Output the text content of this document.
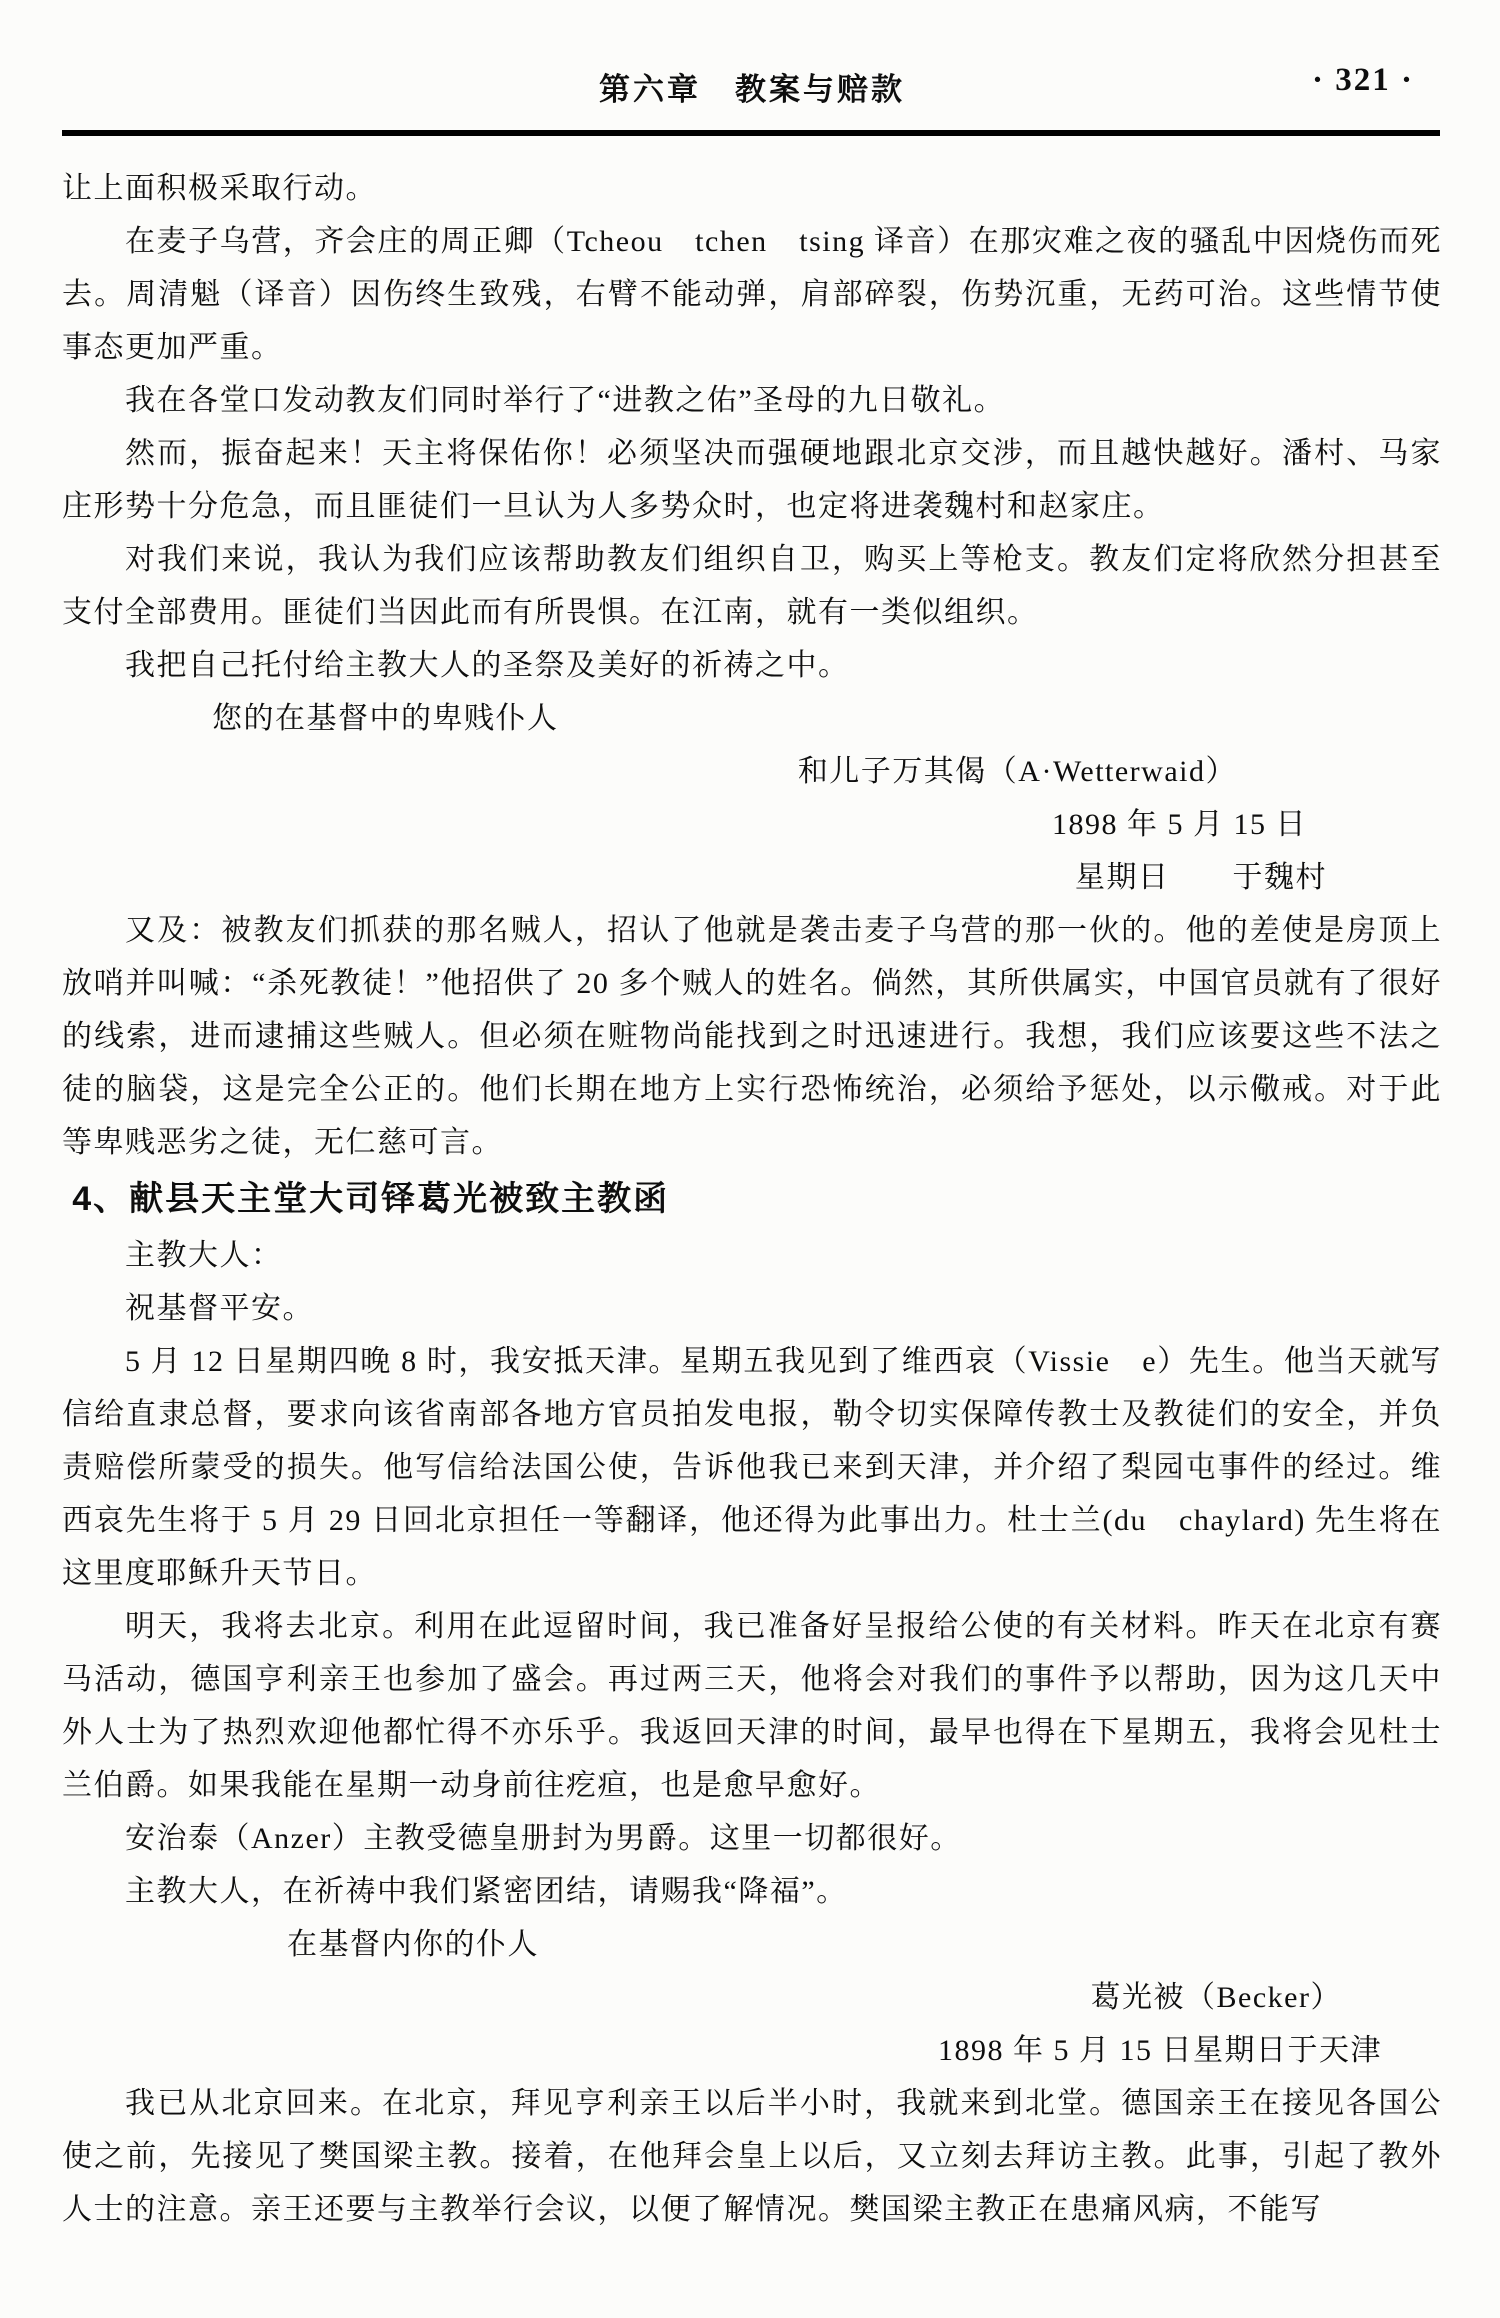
第六章　教案与赔款	· 321 ·

让上面积极采取行动。

在麦子乌营，齐会庄的周正卿（Tcheou　tchen　tsing 译音）在那灾难之夜的骚乱中因烧伤而死去。周清魁（译音）因伤终生致残，右臂不能动弹，肩部碎裂，伤势沉重，无药可治。这些情节使事态更加严重。

我在各堂口发动教友们同时举行了“进教之佑”圣母的九日敬礼。

然而，振奋起来！天主将保佑你！必须坚决而强硬地跟北京交涉，而且越快越好。潘村、马家庄形势十分危急，而且匪徒们一旦认为人多势众时，也定将进袭魏村和赵家庄。

对我们来说，我认为我们应该帮助教友们组织自卫，购买上等枪支。教友们定将欣然分担甚至支付全部费用。匪徒们当因此而有所畏惧。在江南，就有一类似组织。

我把自己托付给主教大人的圣祭及美好的祈祷之中。

您的在基督中的卑贱仆人

和儿子万其偈（A·Wetterwaid）

1898 年 5 月 15 日

星期日　　于魏村

又及：被教友们抓获的那名贼人，招认了他就是袭击麦子乌营的那一伙的。他的差使是房顶上放哨并叫喊：“杀死教徒！”他招供了 20 多个贼人的姓名。倘然，其所供属实，中国官员就有了很好的线索，进而逮捕这些贼人。但必须在赃物尚能找到之时迅速进行。我想，我们应该要这些不法之徒的脑袋，这是完全公正的。他们长期在地方上实行恐怖统治，必须给予惩处，以示儆戒。对于此等卑贱恶劣之徒，无仁慈可言。

4、献县天主堂大司铎葛光被致主教函

主教大人：

祝基督平安。

5 月 12 日星期四晚 8 时，我安抵天津。星期五我见到了维西哀（Vissie　e）先生。他当天就写信给直隶总督，要求向该省南部各地方官员拍发电报，勒令切实保障传教士及教徒们的安全，并负责赔偿所蒙受的损失。他写信给法国公使，告诉他我已来到天津，并介绍了梨园屯事件的经过。维西哀先生将于 5 月 29 日回北京担任一等翻译，他还得为此事出力。杜士兰(du　chaylard) 先生将在这里度耶稣升天节日。

明天，我将去北京。利用在此逗留时间，我已准备好呈报给公使的有关材料。昨天在北京有赛马活动，德国亨利亲王也参加了盛会。再过两三天，他将会对我们的事件予以帮助，因为这几天中外人士为了热烈欢迎他都忙得不亦乐乎。我返回天津的时间，最早也得在下星期五，我将会见杜士兰伯爵。如果我能在星期一动身前往疙疸，也是愈早愈好。

安治泰（Anzer）主教受德皇册封为男爵。这里一切都很好。

主教大人，在祈祷中我们紧密团结，请赐我“降福”。

在基督内你的仆人

葛光被（Becker）

1898 年 5 月 15 日星期日于天津

我已从北京回来。在北京，拜见亨利亲王以后半小时，我就来到北堂。德国亲王在接见各国公使之前，先接见了樊国梁主教。接着，在他拜会皇上以后，又立刻去拜访主教。此事，引起了教外人士的注意。亲王还要与主教举行会议，以便了解情况。樊国梁主教正在患痛风病，不能写
